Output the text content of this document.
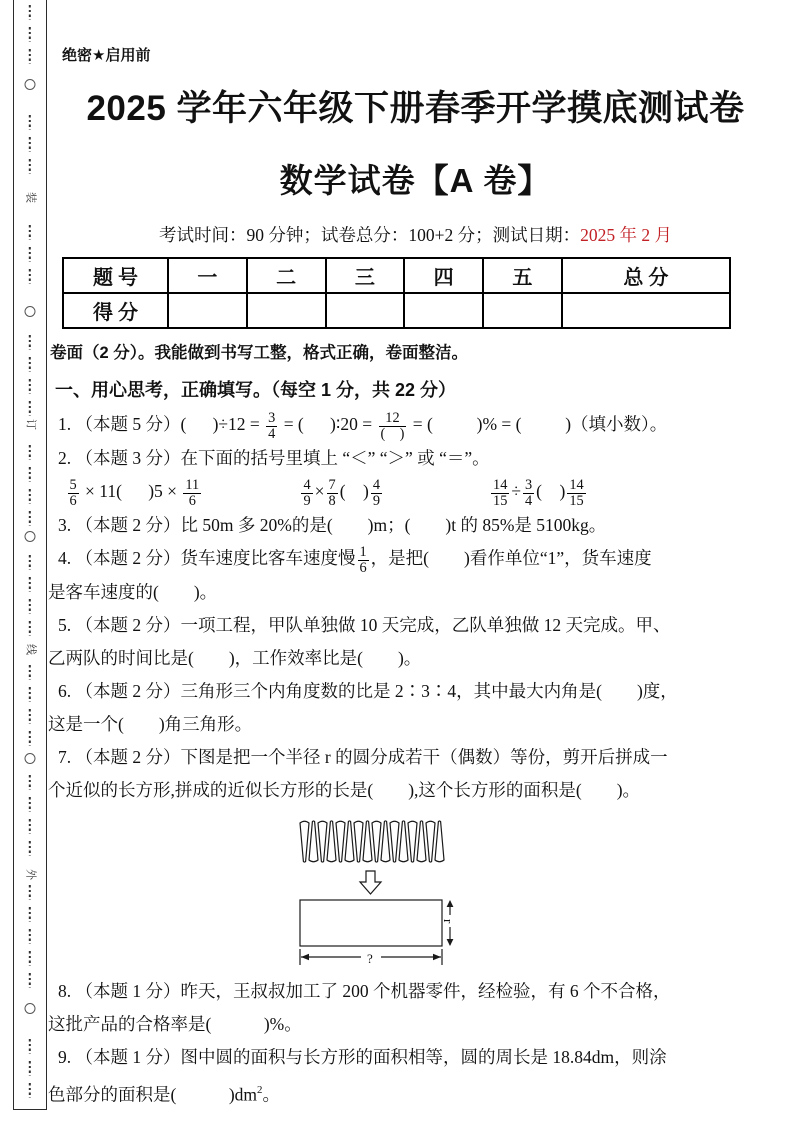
装
订
线
外
绝密★启用前
2025 学年六年级下册春季开学摸底测试卷
数学试卷【A 卷】
考试时间：90 分钟；试卷总分：100+2 分；测试日期：2025 年 2 月
题 号	一	二	三	四	五	总 分
得 分						
卷面（2 分）。我能做到书写工整，格式正确，卷面整洁。
一、用心思考，正确填写。（每空 1 分，共 22 分）
1. （本题 5 分）(      )$\div 12 = \frac{3}{4}$ = (      )∶20 = $\frac{12}{( )}$ = (          )% = (          )（填小数）。
2. （本题 3 分）在下面的括号里填上 “＜” “＞” 或 “＝”。

$\frac{5}{6} \times 11$(      )$5 \times \frac{11}{6}$
	$\frac{4}{9} \times \frac{7}{8}$ (    ) $\frac{4}{9}$
	$\frac{14}{15} \div \frac{3}{4}$ (    ) $\frac{14}{15}$
3. （本题 2 分）比 50m 多 20%的是(        )m；(        )t 的 85%是 5100kg。
4. （本题 2 分）货车速度比客车速度慢 $\frac{1}{6}$ ，是把(        )看作单位“1”，货车速度
是客车速度的(        )。
5. （本题 2 分）一项工程，甲队单独做 10 天完成，乙队单独做 12 天完成。甲、
乙两队的时间比是(        )，工作效率比是(        )。
6. （本题 2 分）三角形三个内角度数的比是 2∶3∶4，其中最大内角是(        )度，
这是一个(        )角三角形。
7. （本题 2 分）下图是把一个半径 r 的圆分成若干（偶数）等份，剪开后拼成一
个近似的长方形,拼成的近似长方形的长是(        ),这个长方形的面积是(        )。
r
?
8. （本题 1 分）昨天，王叔叔加工了 200 个机器零件，经检验，有 6 个不合格，
这批产品的合格率是(            )%。
9. （本题 1 分）图中圆的面积与长方形的面积相等，圆的周长是 18.84dm，则涂
色部分的面积是(            )$dm^2$。
